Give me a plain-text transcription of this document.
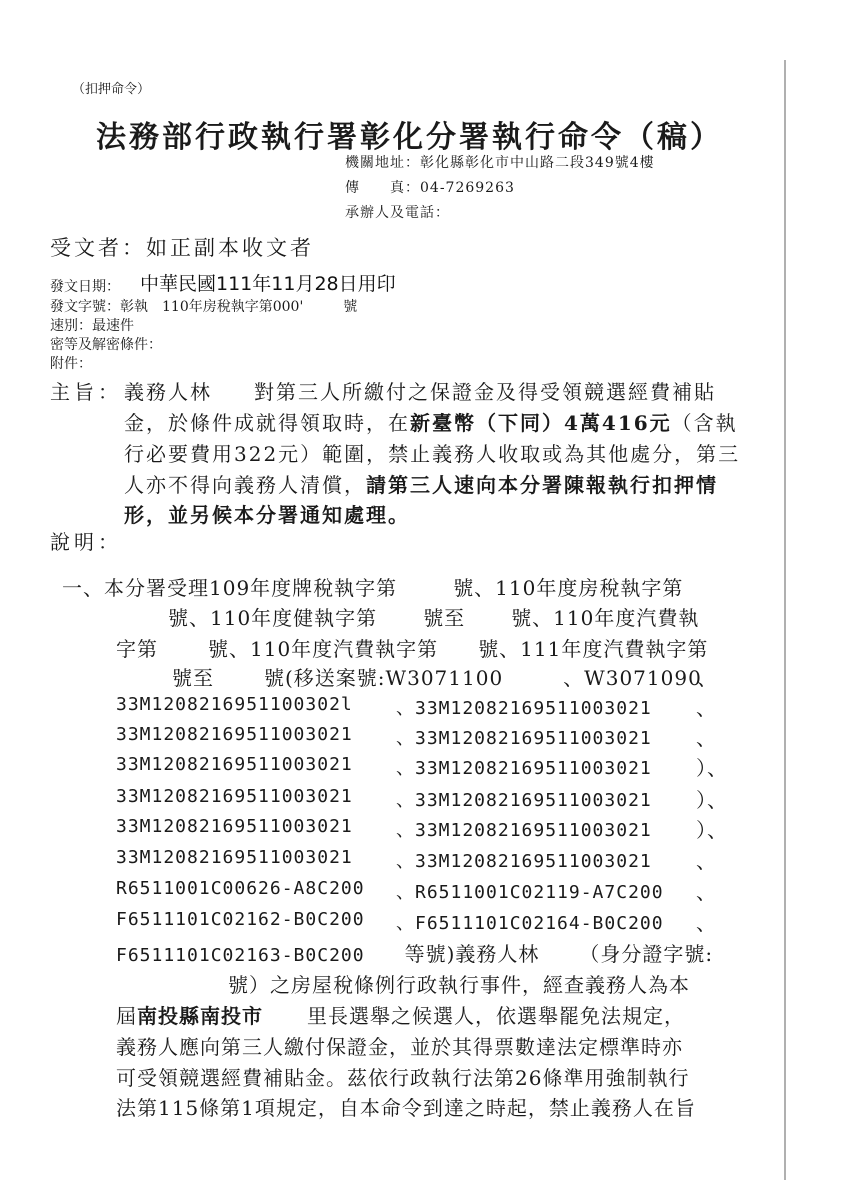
（扣押命令）
法務部行政執行署彰化分署執行命令（稿）
機關地址：彰化縣彰化市中山路二段349號4樓
傳　　真：04-7269263
承辦人及電話：
受文者：如正副本收文者
發文日期： 中華民國111年11月28日用印
發文字號：彰執　110年房稅執字第000'	號
速別：最速件
密等及解密條件：
附件：
主旨： 義務人林 對第三人所繳付之保證金及得受領競選經費補貼
金，於條件成就得領取時，在新臺幣（下同）4萬416元（含執
行必要費用322元）範圍，禁止義務人收取或為其他處分，第三
人亦不得向義務人清償，請第三人速向本分署陳報執行扣押情
形，並另候本分署通知處理。
說明：
一、本分署受理109年度牌稅執字第	號、110年度房稅執字第
號、110年度健執字第 號至 號、110年度汽費執
字第	號、110年度汽費執字第 號、111年度汽費執字第
號至	號(移送案號:W3071100	、W3071090
、
33M1208216951100302l 、33M12082169511003021 、
33M12082169511003021 、33M12082169511003021 、
33M12082169511003021 、33M12082169511003021 ）、
33M12082169511003021 、33M12082169511003021 ）、
33M12082169511003021 、33M12082169511003021 ）、
33M12082169511003021 、33M12082169511003021 、
R6511001C00626-A8C200 、R6511001C02119-A7C200 、
F6511101C02162-B0C200 、F6511101C02164-B0C200 、
F6511101C02163-B0C200 等號)義務人林 （身分證字號:
號）之房屋稅條例行政執行事件，經查義務人為本
屆南投縣南投市 里長選舉之候選人，依選舉罷免法規定，
義務人應向第三人繳付保證金，並於其得票數達法定標準時亦
可受領競選經費補貼金。茲依行政執行法第26條準用強制執行
法第115條第1項規定，自本命令到達之時起，禁止義務人在旨
